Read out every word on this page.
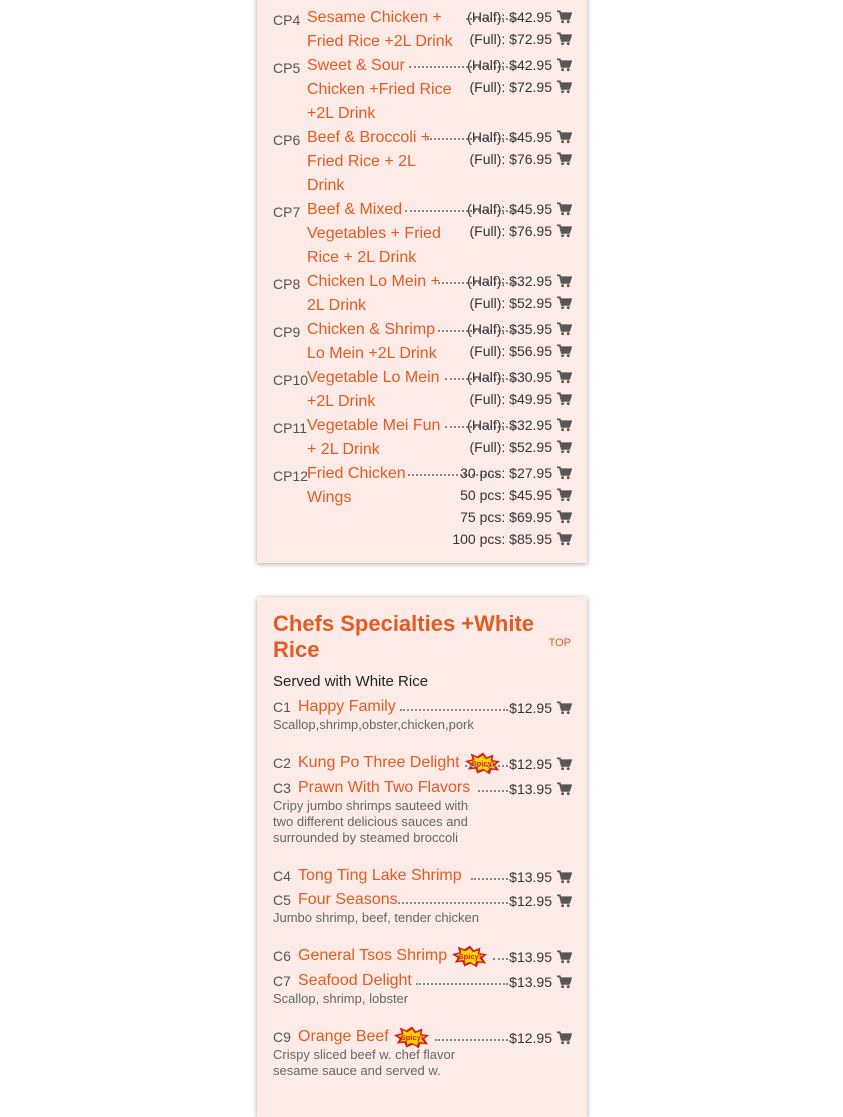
CP4 Sesame Chicken +
Fried Rice +2L Drink
(Half): $42.95
(Full): $72.95
CP5 Sweet & Sour
Chicken +Fried Rice
+2L Drink
(Half): $42.95
(Full): $72.95
CP6 Beef & Broccoli +
Fried Rice + 2L
Drink
(Half): $45.95
(Full): $76.95
CP7 Beef & Mixed
Vegetables + Fried
Rice + 2L Drink
(Half): $45.95
(Full): $76.95
CP8 Chicken Lo Mein +
2L Drink
(Half): $32.95
(Full): $52.95
CP9 Chicken & Shrimp
Lo Mein +2L Drink
(Half): $35.95
(Full): $56.95
CP10
Vegetable Lo Mein
+2L Drink
(Half): $30.95
(Full): $49.95
CP11 Vegetable Mei Fun
+ 2L Drink
(Half): $32.95
(Full): $52.95
CP12
Fried Chicken
Wings
30 pcs: $27.95
50 pcs: $45.95
75 pcs: $69.95
100 pcs: $85.95
Chefs Specialties +White Rice	TOP
Served with White Rice
C1 Happy Family	$12.95
Scallop,shrimp,obster,chicken,pork
C2 Kung Po Three Delight Spicy! $12.95
C3 Prawn With Two Flavors	$13.95
Cripy jumbo shrimps sauteed with
two different delicious sauces and
surrounded by steamed broccoli
C4 Tong Ting Lake Shrimp	$13.95
C5 Four Seasons	$12.95
Jumbo shrimp, beef, tender chicken
C6 General Tsos Shrimp Spicy! $13.95
C7 Seafood Delight	$13.95
Scallop, shrimp, lobster
C9 Orange Beef Spicy!	$12.95
Crispy sliced beef w. chef flavor
sesame sauce and served w.
